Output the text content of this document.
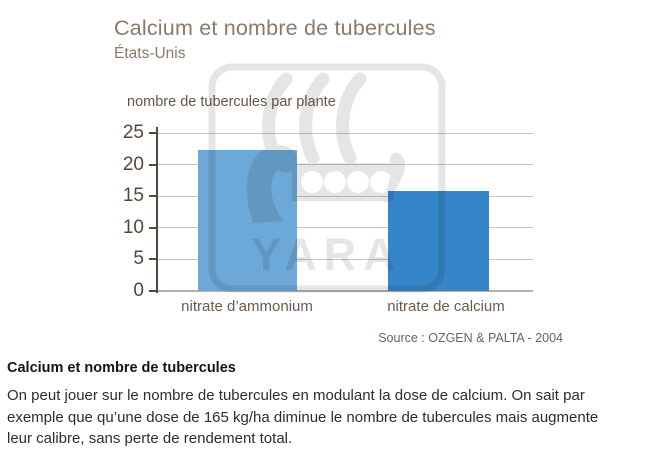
Calcium et nombre de tubercules
États-Unis
nombre de tubercules par plante
0
5
10
15
20
25
nitrate d’ammonium	nitrate de calcium
YARA
Source : OZGEN & PALTA - 2004
Calcium et nombre de tubercules
On peut jouer sur le nombre de tubercules en modulant la dose de calcium. On sait par exemple que qu’une dose de 165 kg/ha diminue le nombre de tubercules mais augmente leur calibre, sans perte de rendement total.
